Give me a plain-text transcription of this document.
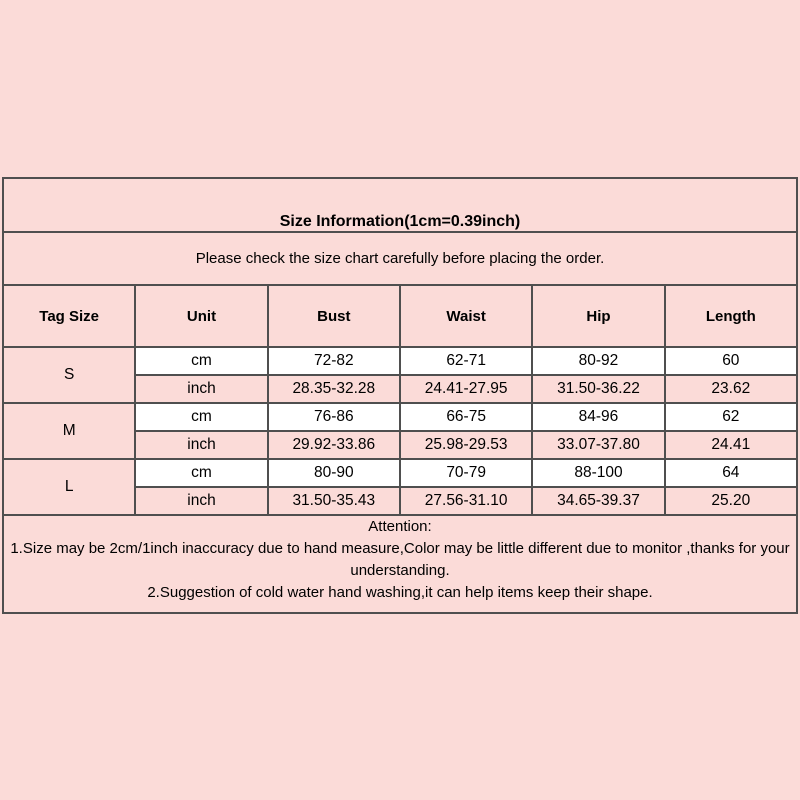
Size Information(1cm=0.39inch)					
Please check the size chart carefully before placing the order.					
Tag Size	Unit	Bust	Waist	Hip	Length
S	cm	72-82	62-71	80-92	60
	inch	28.35-32.28	24.41-27.95	31.50-36.22	23.62
M	cm	76-86	66-75	84-96	62
	inch	29.92-33.86	25.98-29.53	33.07-37.80	24.41
L	cm	80-90	70-79	88-100	64
	inch	31.50-35.43	27.56-31.10	34.65-39.37	25.20

Attention:
1.Size may be 2cm/1inch inaccuracy due to hand measure,Color may be little different due to monitor ,thanks for your understanding.
2.Suggestion of cold water hand washing,it can help items keep their shape.					
